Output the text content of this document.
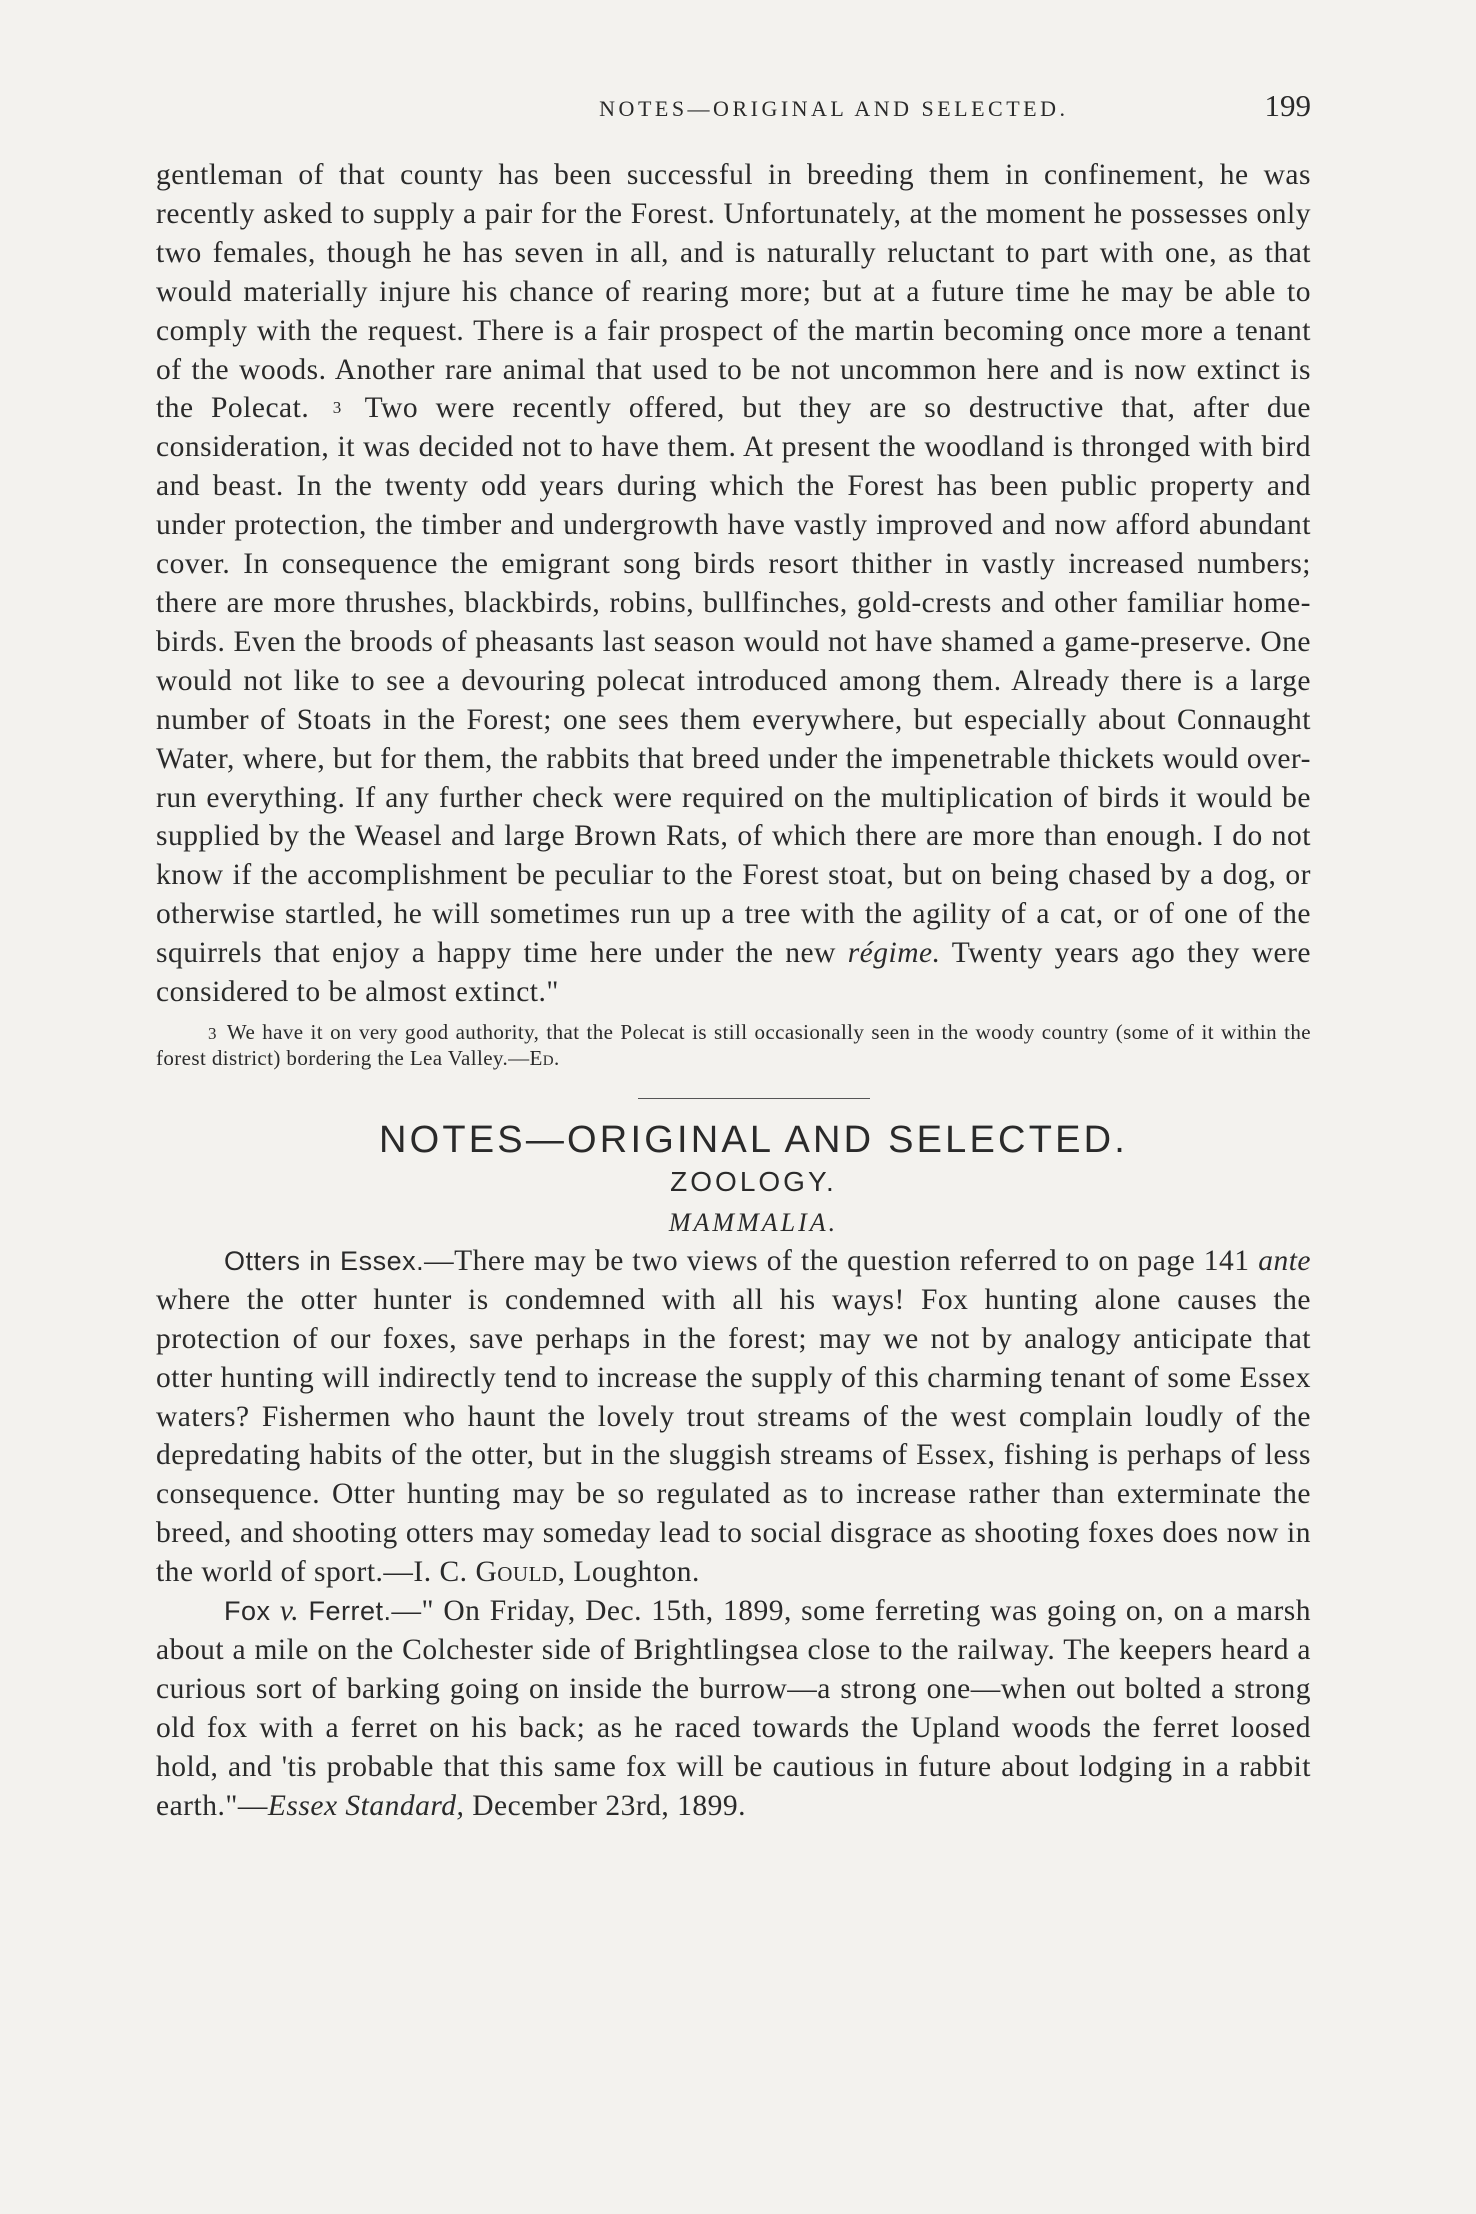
NOTES—ORIGINAL AND SELECTED.	199

gentleman of that county has been successful in breeding them in confinement, he was recently asked to supply a pair for the Forest. Unfortunately, at the moment he possesses only two females, though he has seven in all, and is naturally reluctant to part with one, as that would materially injure his chance of rearing more; but at a future time he may be able to comply with the request. There is a fair prospect of the martin becoming once more a tenant of the woods. Another rare animal that used to be not uncommon here and is now extinct is the Polecat. 3 Two were recently offered, but they are so destructive that, after due consideration, it was decided not to have them. At present the woodland is thronged with bird and beast. In the twenty odd years during which the Forest has been public property and under protection, the timber and undergrowth have vastly improved and now afford abundant cover. In consequence the emigrant song birds resort thither in vastly increased numbers; there are more thrushes, blackbirds, robins, bullfinches, gold-crests and other familiar home-birds. Even the broods of pheasants last season would not have shamed a game-preserve. One would not like to see a devouring polecat introduced among them. Already there is a large number of Stoats in the Forest; one sees them everywhere, but especially about Connaught Water, where, but for them, the rabbits that breed under the impenetrable thickets would over-run everything. If any further check were required on the multiplication of birds it would be supplied by the Weasel and large Brown Rats, of which there are more than enough. I do not know if the accomplishment be peculiar to the Forest stoat, but on being chased by a dog, or otherwise startled, he will sometimes run up a tree with the agility of a cat, or of one of the squirrels that enjoy a happy time here under the new régime. Twenty years ago they were considered to be almost extinct."

3 We have it on very good authority, that the Polecat is still occasionally seen in the woody country (some of it within the forest district) bordering the Lea Valley.—Ed.

NOTES—ORIGINAL AND SELECTED.
ZOOLOGY.
MAMMALIA.

Otters in Essex.—There may be two views of the question referred to on page 141 ante where the otter hunter is condemned with all his ways! Fox hunting alone causes the protection of our foxes, save perhaps in the forest; may we not by analogy anticipate that otter hunting will indirectly tend to increase the supply of this charming tenant of some Essex waters? Fishermen who haunt the lovely trout streams of the west complain loudly of the depredating habits of the otter, but in the sluggish streams of Essex, fishing is perhaps of less consequence. Otter hunting may be so regulated as to increase rather than exterminate the breed, and shooting otters may someday lead to social disgrace as shooting foxes does now in the world of sport.—I. C. Gould, Loughton.

Fox v. Ferret.—" On Friday, Dec. 15th, 1899, some ferreting was going on, on a marsh about a mile on the Colchester side of Brightlingsea close to the railway. The keepers heard a curious sort of barking going on inside the burrow—a strong one—when out bolted a strong old fox with a ferret on his back; as he raced towards the Upland woods the ferret loosed hold, and 'tis probable that this same fox will be cautious in future about lodging in a rabbit earth."—Essex Standard, December 23rd, 1899.
